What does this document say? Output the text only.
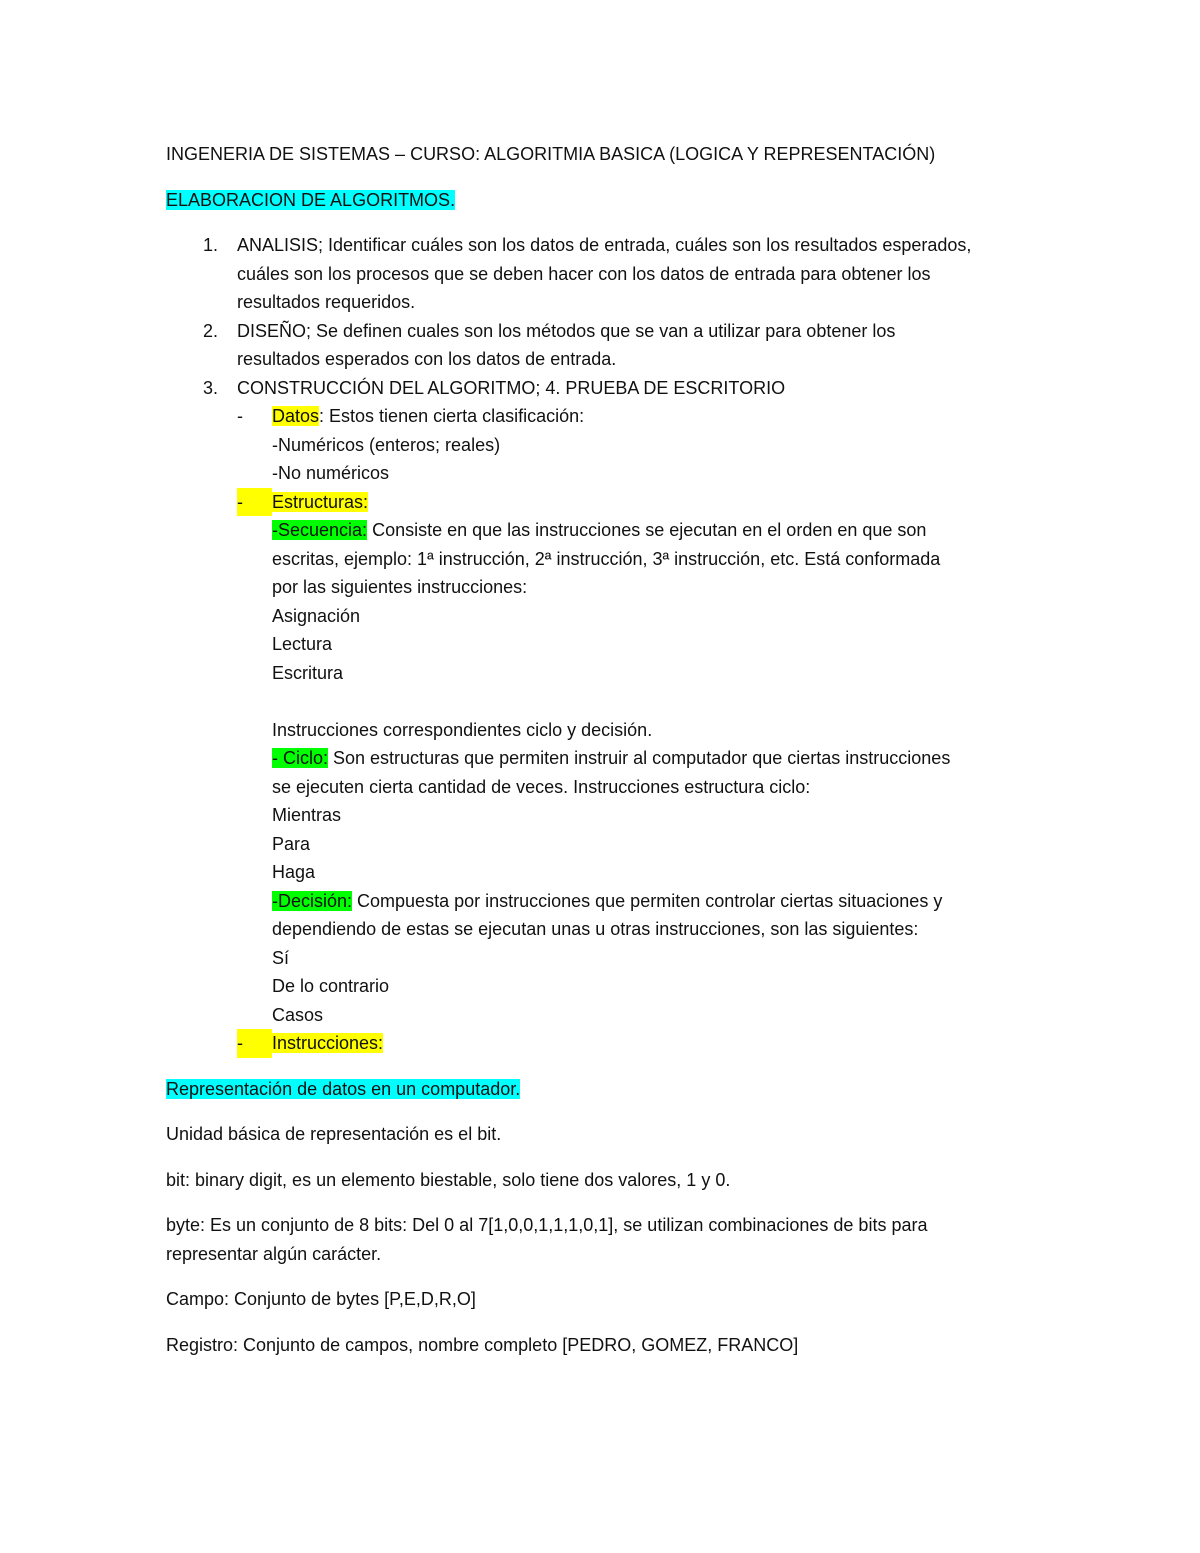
INGENERIA DE SISTEMAS – CURSO: ALGORITMIA BASICA (LOGICA Y REPRESENTACIÓN)

ELABORACION DE ALGORITMOS.

1. ANALISIS; Identificar cuáles son los datos de entrada, cuáles son los resultados esperados,

cuáles son los procesos que se deben hacer con los datos de entrada para obtener los

resultados requeridos.

2. DISEÑO; Se definen cuales son los métodos que se van a utilizar para obtener los

resultados esperados con los datos de entrada.

3. CONSTRUCCIÓN DEL ALGORITMO; 4. PRUEBA DE ESCRITORIO

- Datos: Estos tienen cierta clasificación:

-Numéricos (enteros; reales)

-No numéricos

- Estructuras:

-Secuencia: Consiste en que las instrucciones se ejecutan en el orden en que son

escritas, ejemplo: 1ª instrucción, 2ª instrucción, 3ª instrucción, etc. Está conformada

por las siguientes instrucciones:

Asignación

Lectura

Escritura

Instrucciones correspondientes ciclo y decisión.

- Ciclo: Son estructuras que permiten instruir al computador que ciertas instrucciones

se ejecuten cierta cantidad de veces. Instrucciones estructura ciclo:

Mientras

Para

Haga

-Decisión: Compuesta por instrucciones que permiten controlar ciertas situaciones y

dependiendo de estas se ejecutan unas u otras instrucciones, son las siguientes:

Sí

De lo contrario

Casos

- Instrucciones:

Representación de datos en un computador.

Unidad básica de representación es el bit.

bit: binary digit, es un elemento biestable, solo tiene dos valores, 1 y 0.

byte: Es un conjunto de 8 bits: Del 0 al 7[1,0,0,1,1,1,0,1], se utilizan combinaciones de bits para

representar algún carácter.

Campo: Conjunto de bytes [P,E,D,R,O]

Registro: Conjunto de campos, nombre completo [PEDRO, GOMEZ, FRANCO]
